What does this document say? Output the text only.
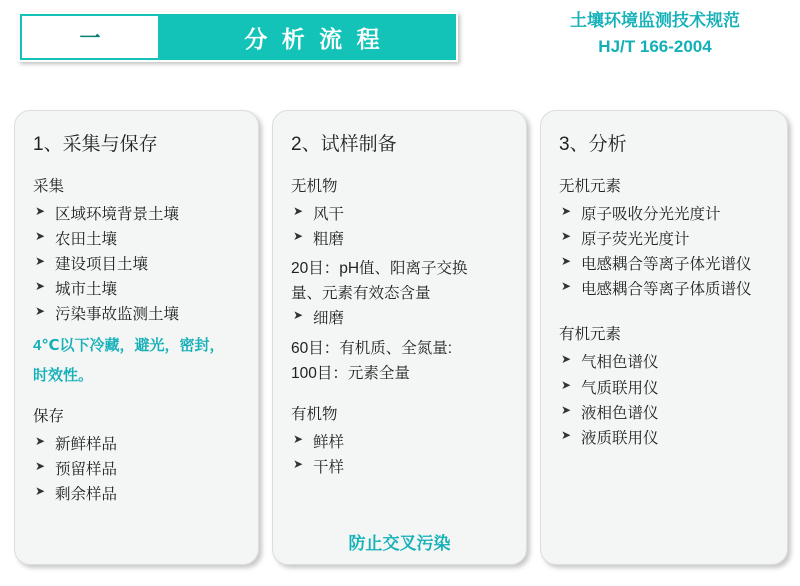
一	分 析 流 程
土壤环境监测技术规范
HJ/T 166-2004
1、采集与保存
采集
➤ 区域环境背景土壤
➤ 农田土壤
➤ 建设项目土壤
➤ 城市土壤
➤ 污染事故监测土壤

4℃以下冷藏，避光，密封，

时效性。

保存
➤ 新鲜样品
➤ 预留样品
➤ 剩余样品
2、试样制备
无机物
➤ 风干
➤ 粗磨

20目：pH值、阳离子交换

量、元素有效态含量

➤ 细磨

60目：有机质、全氮量:

100目：元素全量

有机物
➤ 鲜样
➤ 干样
防止交叉污染
3、分析
无机元素
➤ 原子吸收分光光度计
➤ 原子荧光光度计
➤ 电感耦合等离子体光谱仪
➤ 电感耦合等离子体质谱仪
有机元素
➤ 气相色谱仪
➤ 气质联用仪
➤ 液相色谱仪
➤ 液质联用仪
